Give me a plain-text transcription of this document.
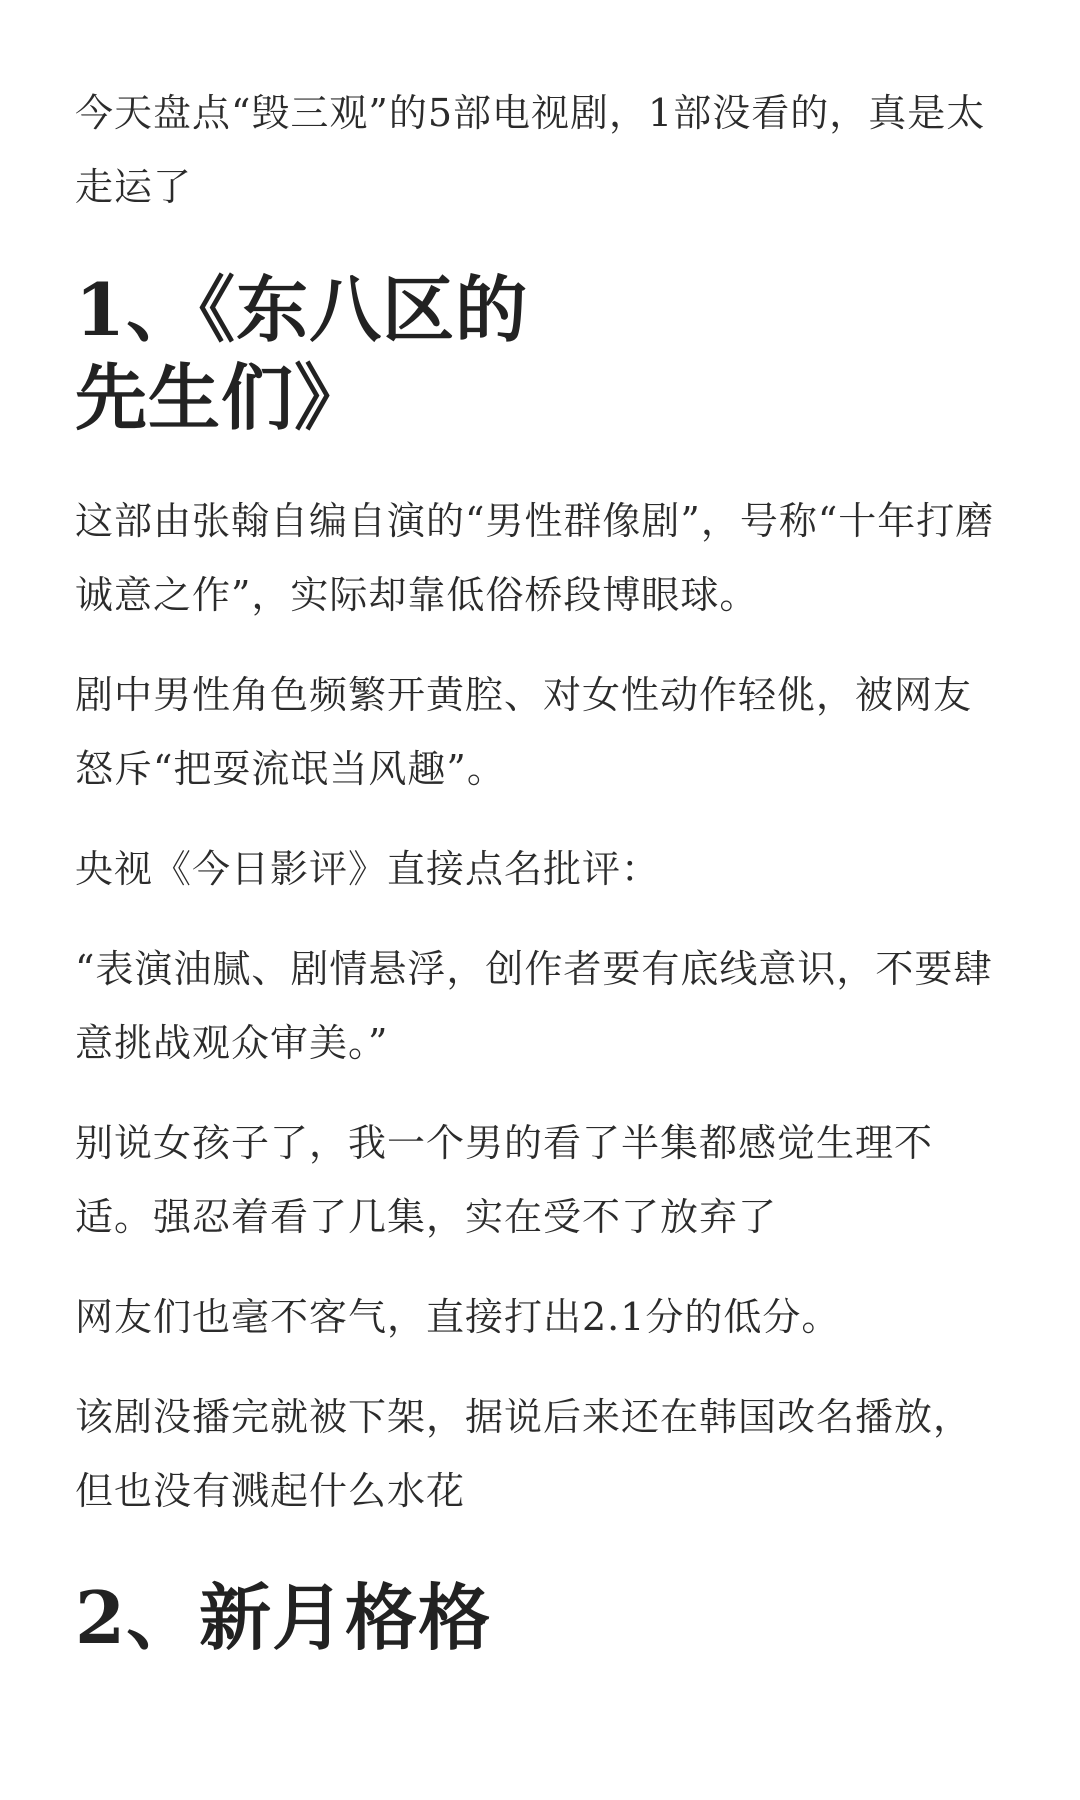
今天盘点“毁三观”的5部电视剧，1部没看的，真是太走运了

1、《东八区的先生们》

这部由张翰自编自演的“男性群像剧”，号称“十年打磨诚意之作”，实际却靠低俗桥段博眼球。

剧中男性角色频繁开黄腔、对女性动作轻佻，被网友怒斥“把耍流氓当风趣”。

央视《今日影评》直接点名批评：

“表演油腻、剧情悬浮，创作者要有底线意识，不要肆意挑战观众审美。”

别说女孩子了，我一个男的看了半集都感觉生理不适。强忍着看了几集，实在受不了放弃了

网友们也毫不客气，直接打出2.1分的低分。

该剧没播完就被下架，据说后来还在韩国改名播放，但也没有溅起什么水花

2、新月格格
